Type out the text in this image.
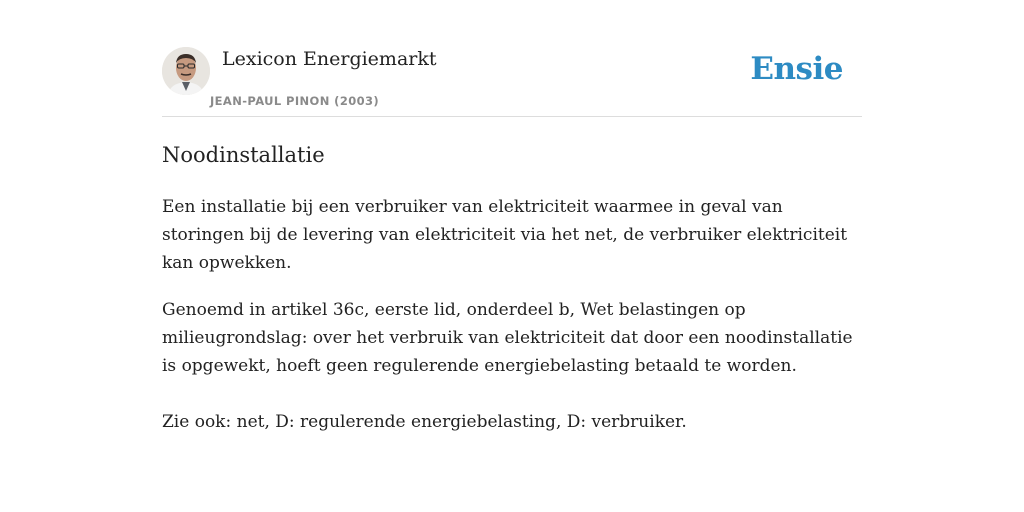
Lexicon Energiemarkt
JEAN-PAUL PINON (2003)
Ensie
Noodinstallatie

Een installatie bij een verbruiker van elektriciteit waarmee in geval van storingen bij de levering van elektriciteit via het net, de verbruiker elektriciteit kan opwekken.

Genoemd in artikel 36c, eerste lid, onderdeel b, Wet belastingen op milieugrondslag: over het verbruik van elektriciteit dat door een noodinstallatie is opgewekt, hoeft geen regulerende energiebelasting betaald te worden.

Zie ook: net, D: regulerende energiebelasting, D: verbruiker.
